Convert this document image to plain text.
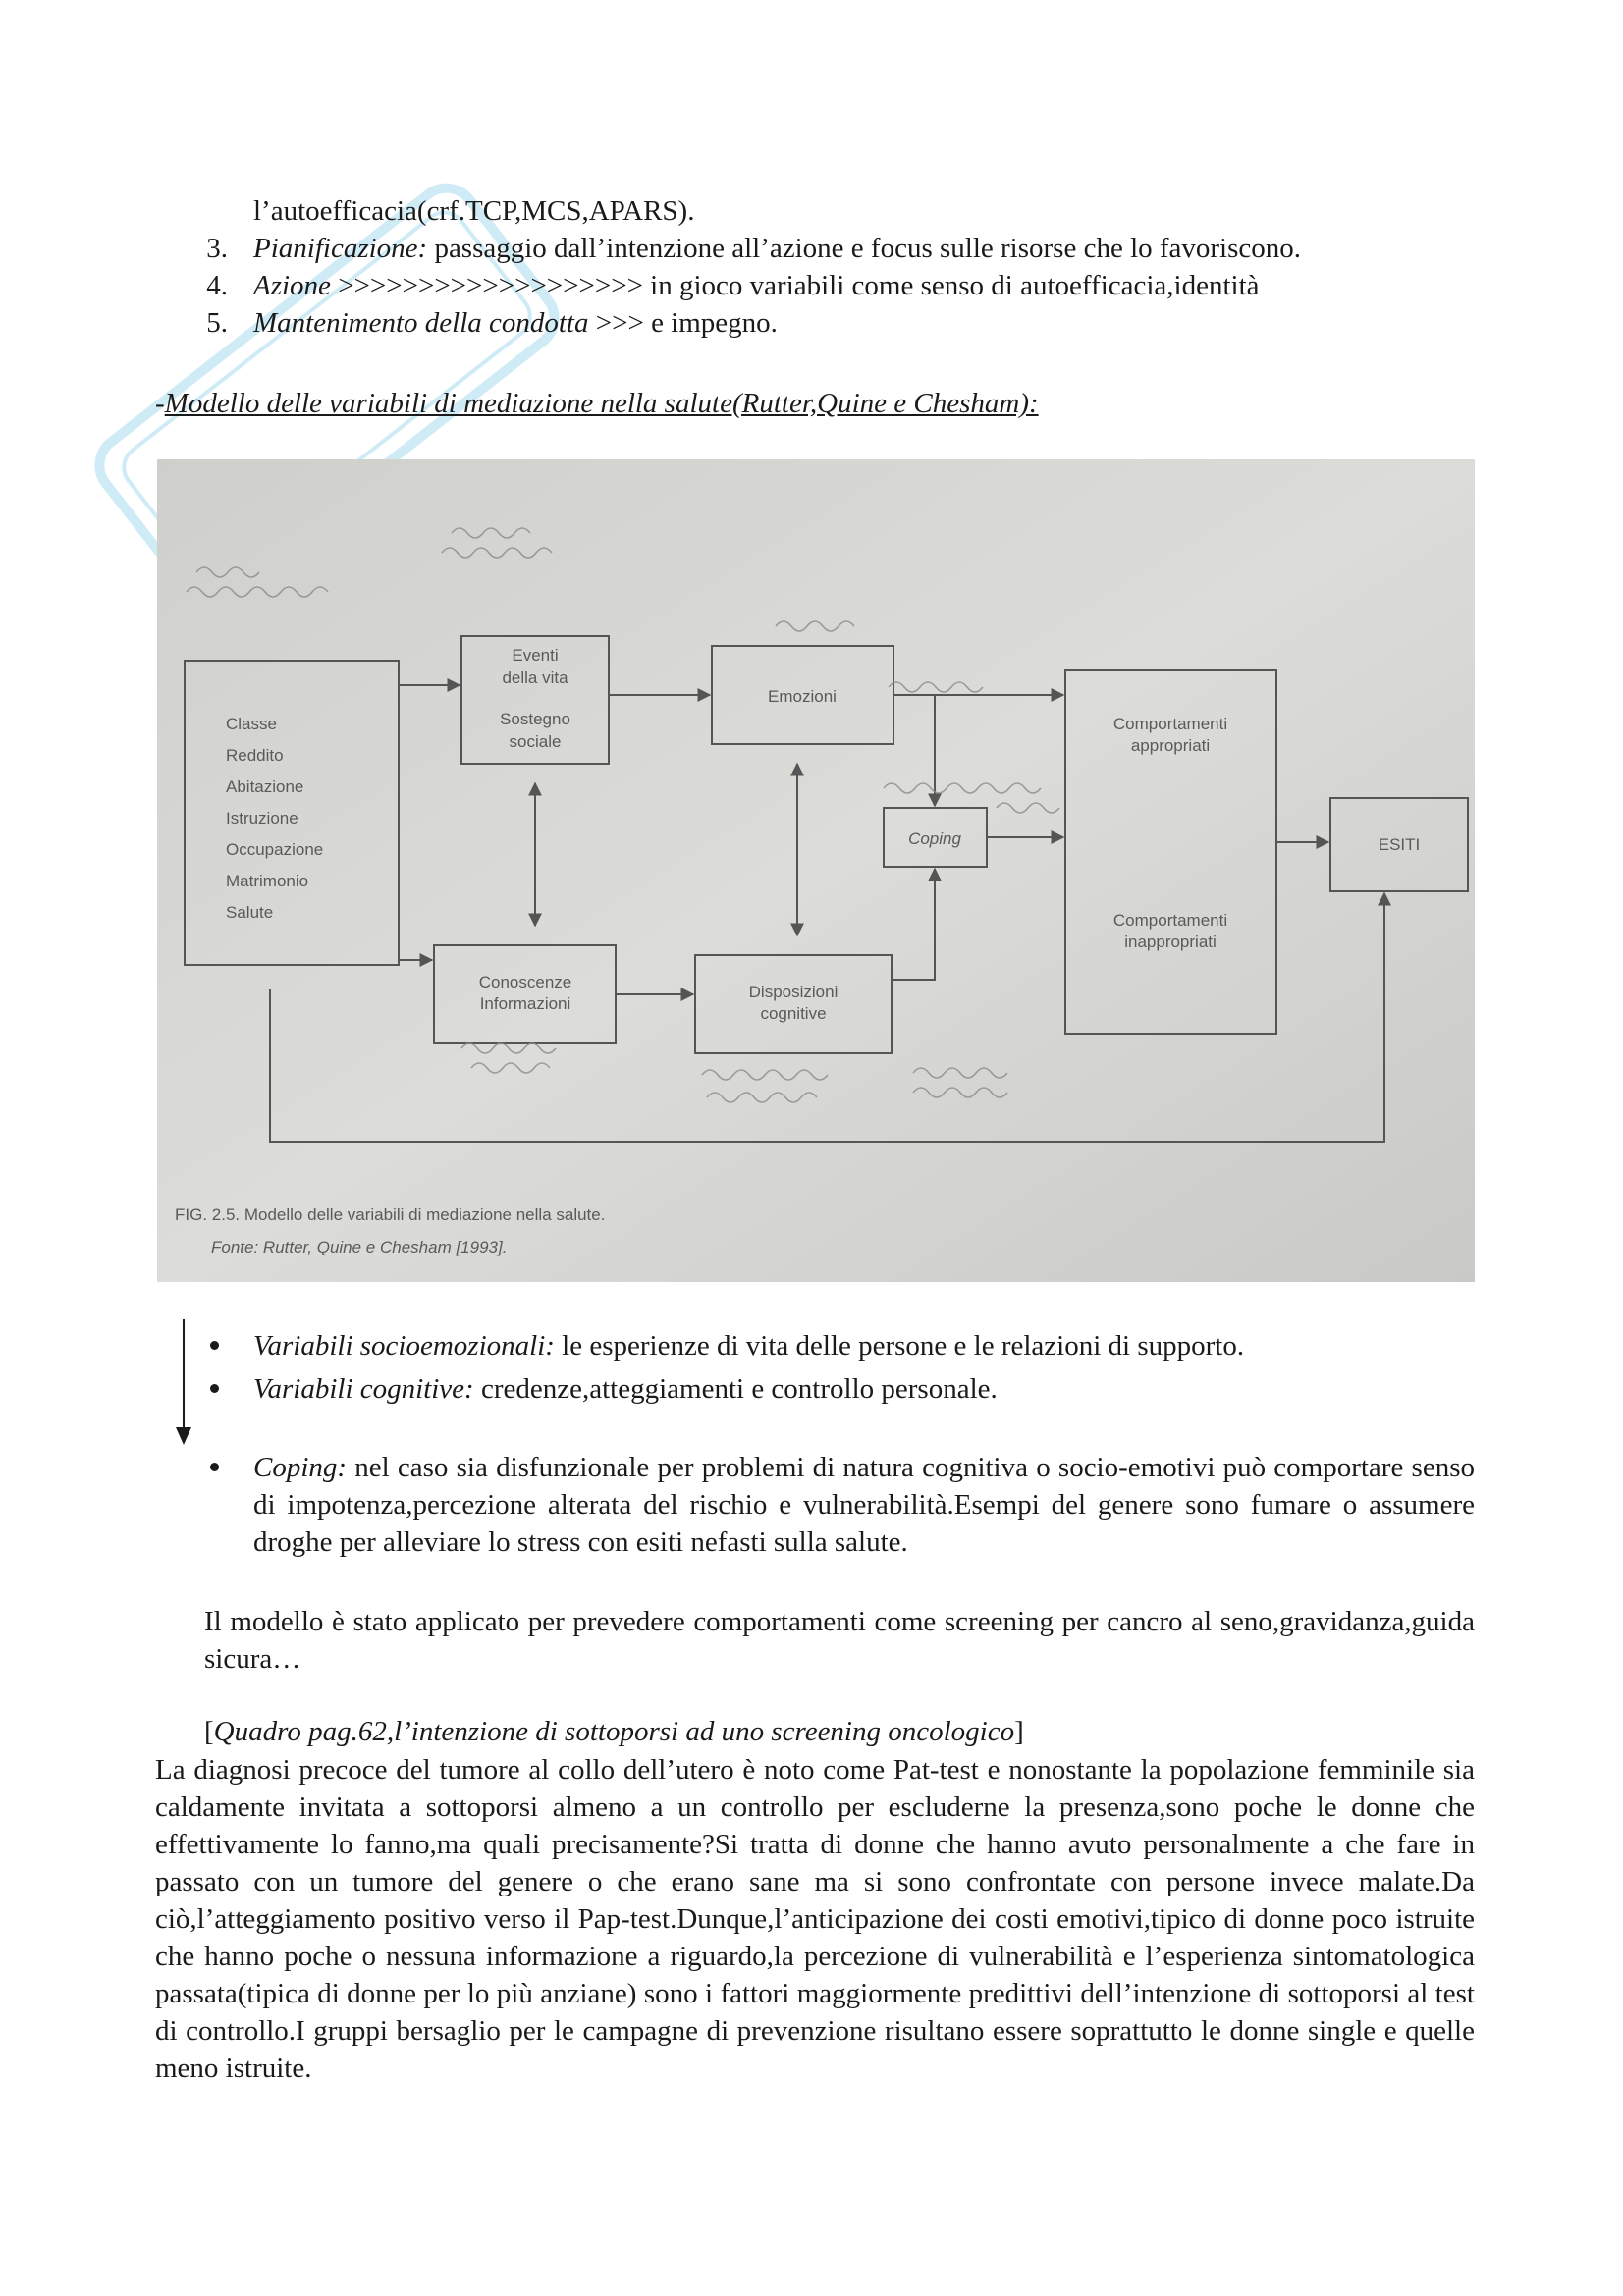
l’autoefficacia(crf.TCP,MCS,APARS).
3. Pianificazione: passaggio dall’intenzione all’azione e focus sulle risorse che lo favoriscono.
4. Azione >>>>>>>>>>>>>>>>>>> in gioco variabili come senso di autoefficacia,identità
5. Mantenimento della condotta >>> e impegno.
-Modello delle variabili di mediazione nella salute(Rutter,Quine e Chesham):
Classe
Reddito
Abitazione
Istruzione
Occupazione
Matrimonio
Salute
Eventi
della vita
Sostegno
sociale
Emozioni
Coping
Comportamenti
appropriati
Comportamenti
inappropriati
ESITI
Conoscenze
Informazioni
Disposizioni
cognitive
FIG. 2.5. Modello delle variabili di mediazione nella salute.
Fonte: Rutter, Quine e Chesham [1993].
Variabili socioemozionali: le esperienze di vita delle persone e le relazioni di supporto.
Variabili cognitive: credenze,atteggiamenti e controllo personale.
Coping: nel caso sia disfunzionale per problemi di natura cognitiva o socio-emotivi può comportare senso di impotenza,percezione alterata del rischio e vulnerabilità.Esempi del genere sono fumare o assumere droghe per alleviare lo stress con esiti nefasti sulla salute.
Il modello è stato applicato per prevedere comportamenti come screening per cancro al seno,gravidanza,guida sicura…
[Quadro pag.62,l’intenzione di sottoporsi ad uno screening oncologico]
La diagnosi precoce del tumore al collo dell’utero è noto come Pat-test e nonostante la popolazione femminile sia caldamente invitata a sottoporsi almeno a un controllo per escluderne la presenza,sono poche le donne che effettivamente lo fanno,ma quali precisamente?Si tratta di donne che hanno avuto personalmente a che fare in passato con un tumore del genere o che erano sane ma si sono confrontate con persone invece malate.Da ciò,l’atteggiamento positivo verso il Pap-test.Dunque,l’anticipazione dei costi emotivi,tipico di donne poco istruite che hanno poche o nessuna informazione a riguardo,la percezione di vulnerabilità e l’esperienza sintomatologica passata(tipica di donne per lo più anziane) sono i fattori maggiormente predittivi dell’intenzione di sottoporsi al test di controllo.I gruppi bersaglio per le campagne di prevenzione risultano essere soprattutto le donne single e quelle meno istruite.
